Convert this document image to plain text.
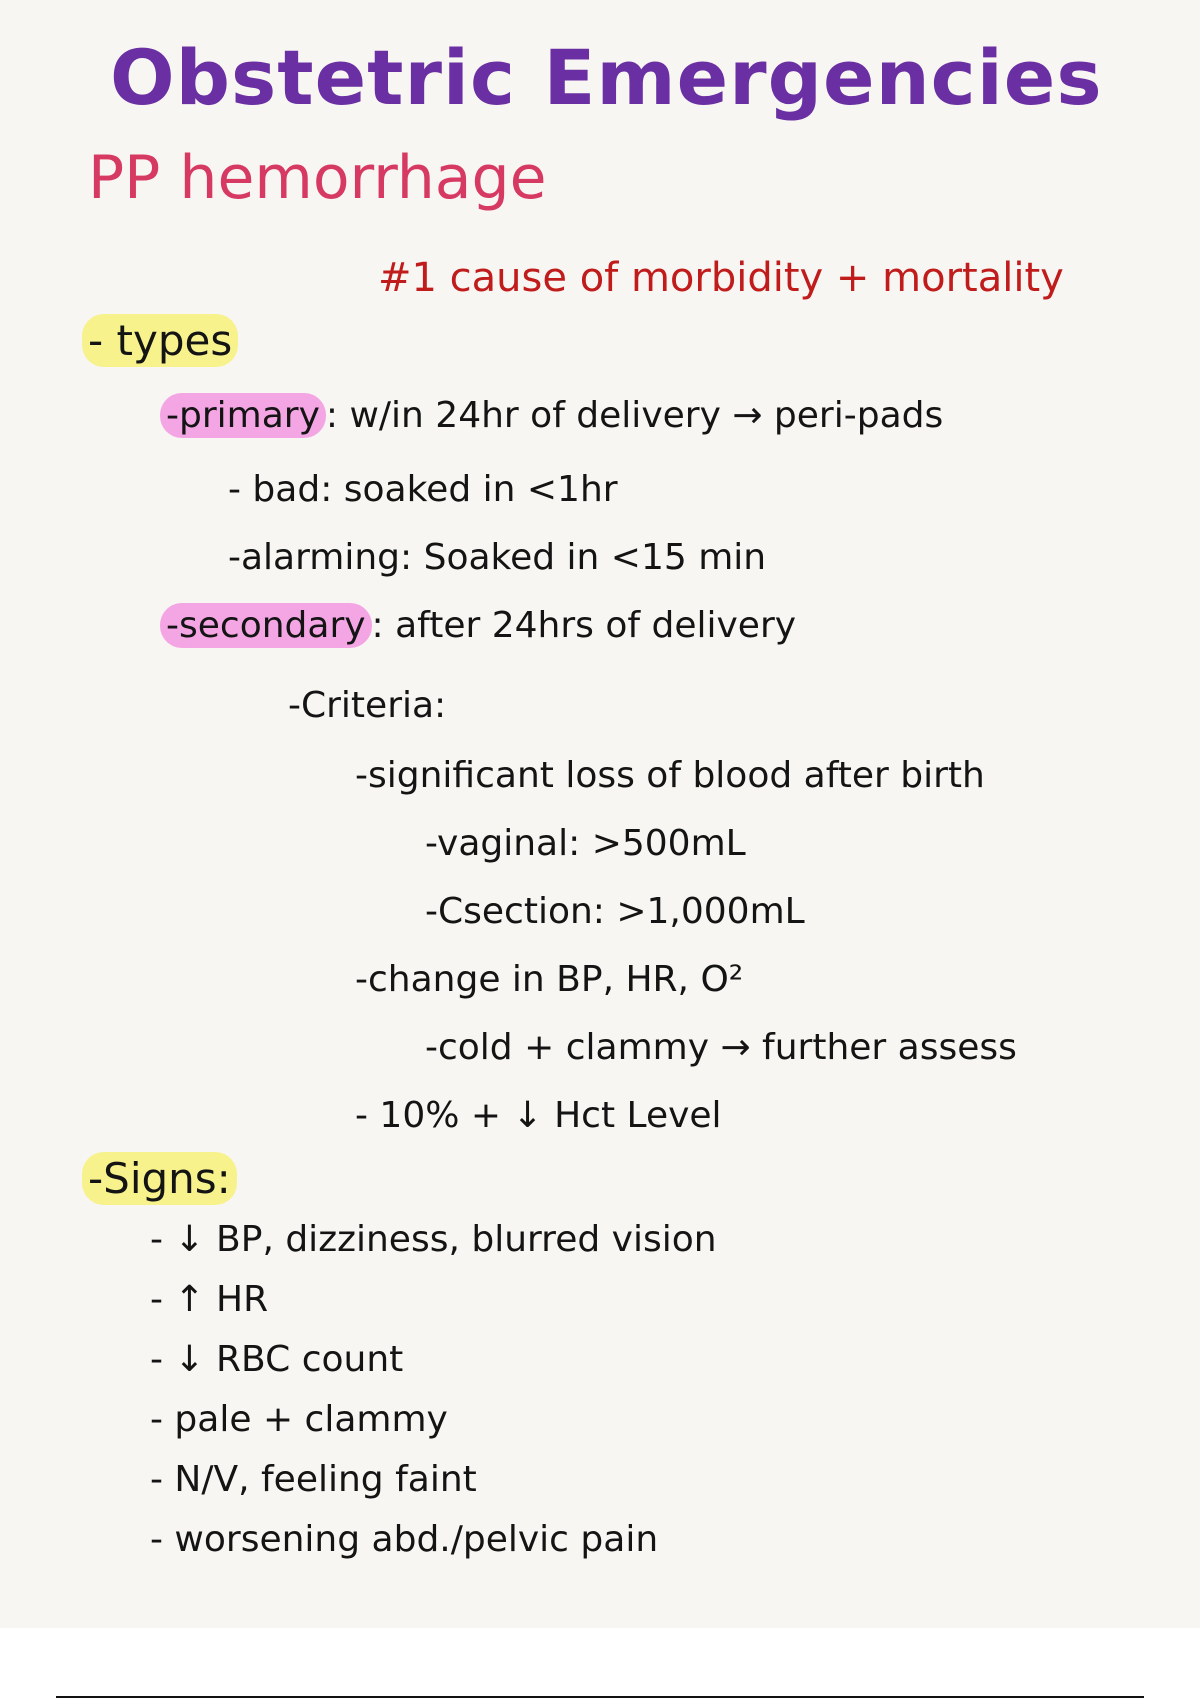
Obstetric Emergencies
PP hemorrhage
#1 cause of morbidity + mortality
- types
-primary : w/in 24hr of delivery → peri-pads
- bad: soaked in <1hr
-alarming: Soaked in <15 min
-secondary : after 24hrs of delivery
-Criteria:
-significant loss of blood after birth
-vaginal: >500mL
-Csection: >1,000mL
-change in BP, HR, O²
-cold + clammy → further assess
- 10% + ↓ Hct Level
-Signs:
- ↓ BP, dizziness, blurred vision
- ↑ HR
- ↓ RBC count
- pale + clammy
- N/V, feeling faint
- worsening abd./pelvic pain
